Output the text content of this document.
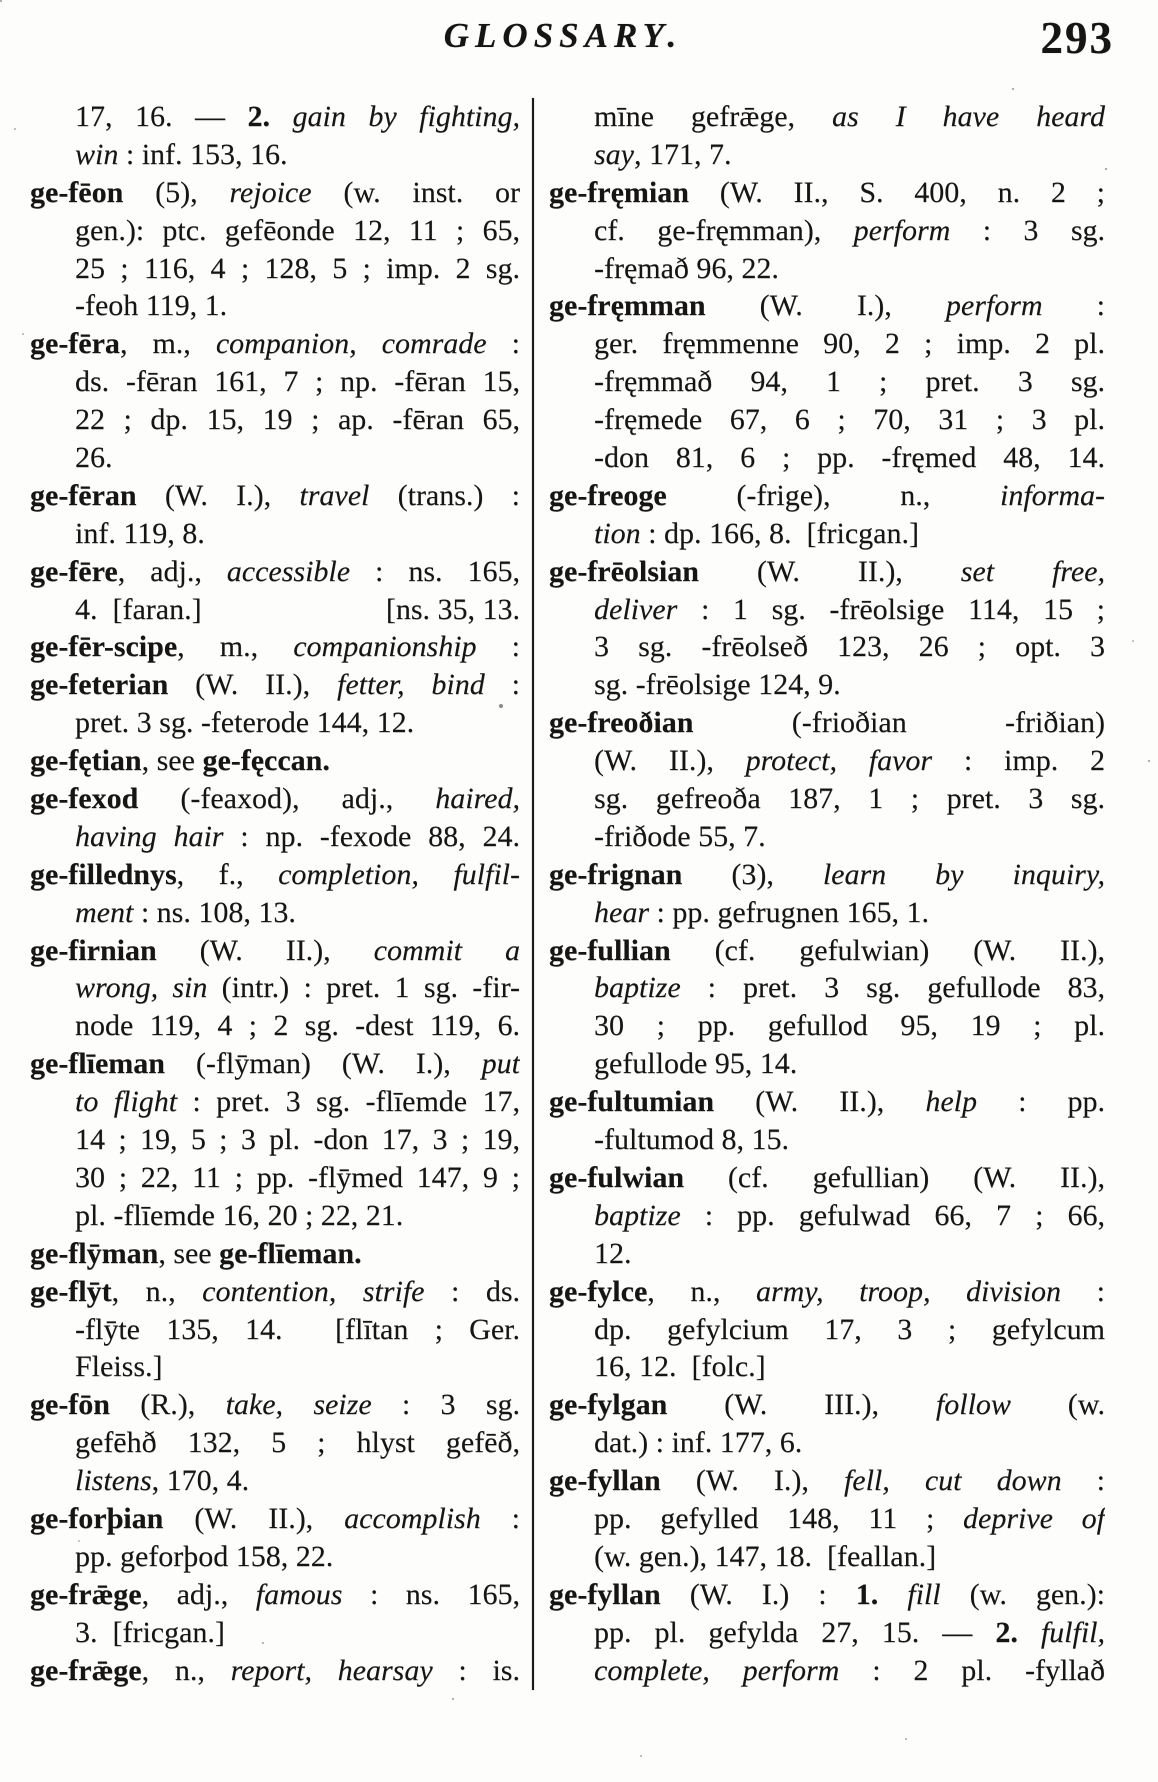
GLOSSARY.	293
17, 16. — 2. gain by fighting,
win : inf. 153, 16.
ge-fēon (5), rejoice (w. inst. or
gen.): ptc. gefēonde 12, 11 ; 65,
25 ; 116, 4 ; 128, 5 ; imp. 2 sg.
-feoh 119, 1.
ge-fēra, m., companion, comrade :
ds. -fēran 161, 7 ; np. -fēran 15,
22 ; dp. 15, 19 ; ap. -fēran 65,
26.
ge-fēran (W. I.), travel (trans.) :
inf. 119, 8.
ge-fēre, adj., accessible : ns. 165,
4.  [faran.]	[ns. 35, 13.
ge-fēr-scipe, m., companionship :
ge-feterian (W. II.), fetter, bind :
pret. 3 sg. -feterode 144, 12.
ge-fętian, see ge-fęccan.
ge-fexod (-feaxod), adj., haired,
having hair : np. -fexode 88, 24.
ge-fillednys, f., completion, fulfil-
ment : ns. 108, 13.
ge-firnian (W. II.), commit a
wrong, sin (intr.) : pret. 1 sg. -fir-
node 119, 4 ; 2 sg. -dest 119, 6.
ge-flīeman (-flȳman) (W. I.), put
to flight : pret. 3 sg. -flīemde 17,
14 ; 19, 5 ; 3 pl. -don 17, 3 ; 19,
30 ; 22, 11 ; pp. -flȳmed 147, 9 ;
pl. -flīemde 16, 20 ; 22, 21.
ge-flȳman, see ge-flīeman.
ge-flȳt, n., contention, strife : ds.
-flȳte 135, 14.  [flītan ; Ger.
Fleiss.]
ge-fōn (R.), take, seize : 3 sg.
gefēhð 132, 5 ; hlyst gefēð,
listens, 170, 4.
ge-forþian (W. II.), accomplish :
pp. geforþod 158, 22.
ge-frǣge, adj., famous : ns. 165,
3.  [fricgan.]
ge-frǣge, n., report, hearsay : is.
mīne gefrǣge, as I have heard
say, 171, 7.
ge-fręmian (W. II., S. 400, n. 2 ;
cf. ge-fręmman), perform : 3 sg.
-fręmað 96, 22.
ge-fręmman (W. I.), perform :
ger. fręmmenne 90, 2 ; imp. 2 pl.
-fręmmað 94, 1 ; pret. 3 sg.
-fręmede 67, 6 ; 70, 31 ; 3 pl.
-don 81, 6 ; pp. -fręmed 48, 14.
ge-freoge (-frige), n., informa-
tion : dp. 166, 8.  [fricgan.]
ge-frēolsian (W. II.), set free,
deliver : 1 sg. -frēolsige 114, 15 ;
3 sg. -frēolseð 123, 26 ; opt. 3
sg. -frēolsige 124, 9.
ge-freoðian (-frioðian -friðian)
(W. II.), protect, favor : imp. 2
sg. gefreoða 187, 1 ; pret. 3 sg.
-friðode 55, 7.
ge-frignan (3), learn by inquiry,
hear : pp. gefrugnen 165, 1.
ge-fullian (cf. gefulwian) (W. II.),
baptize : pret. 3 sg. gefullode 83,
30 ; pp. gefullod 95, 19 ; pl.
gefullode 95, 14.
ge-fultumian (W. II.), help : pp.
-fultumod 8, 15.
ge-fulwian (cf. gefullian) (W. II.),
baptize : pp. gefulwad 66, 7 ; 66,
12.
ge-fylce, n., army, troop, division :
dp. gefylcium 17, 3 ; gefylcum
16, 12.  [folc.]
ge-fylgan (W. III.), follow (w.
dat.) : inf. 177, 6.
ge-fyllan (W. I.), fell, cut down :
pp. gefylled 148, 11 ; deprive of
(w. gen.), 147, 18.  [feallan.]
ge-fyllan (W. I.) : 1. fill (w. gen.):
pp. pl. gefylda 27, 15. — 2. fulfil,
complete, perform : 2 pl. -fyllað
